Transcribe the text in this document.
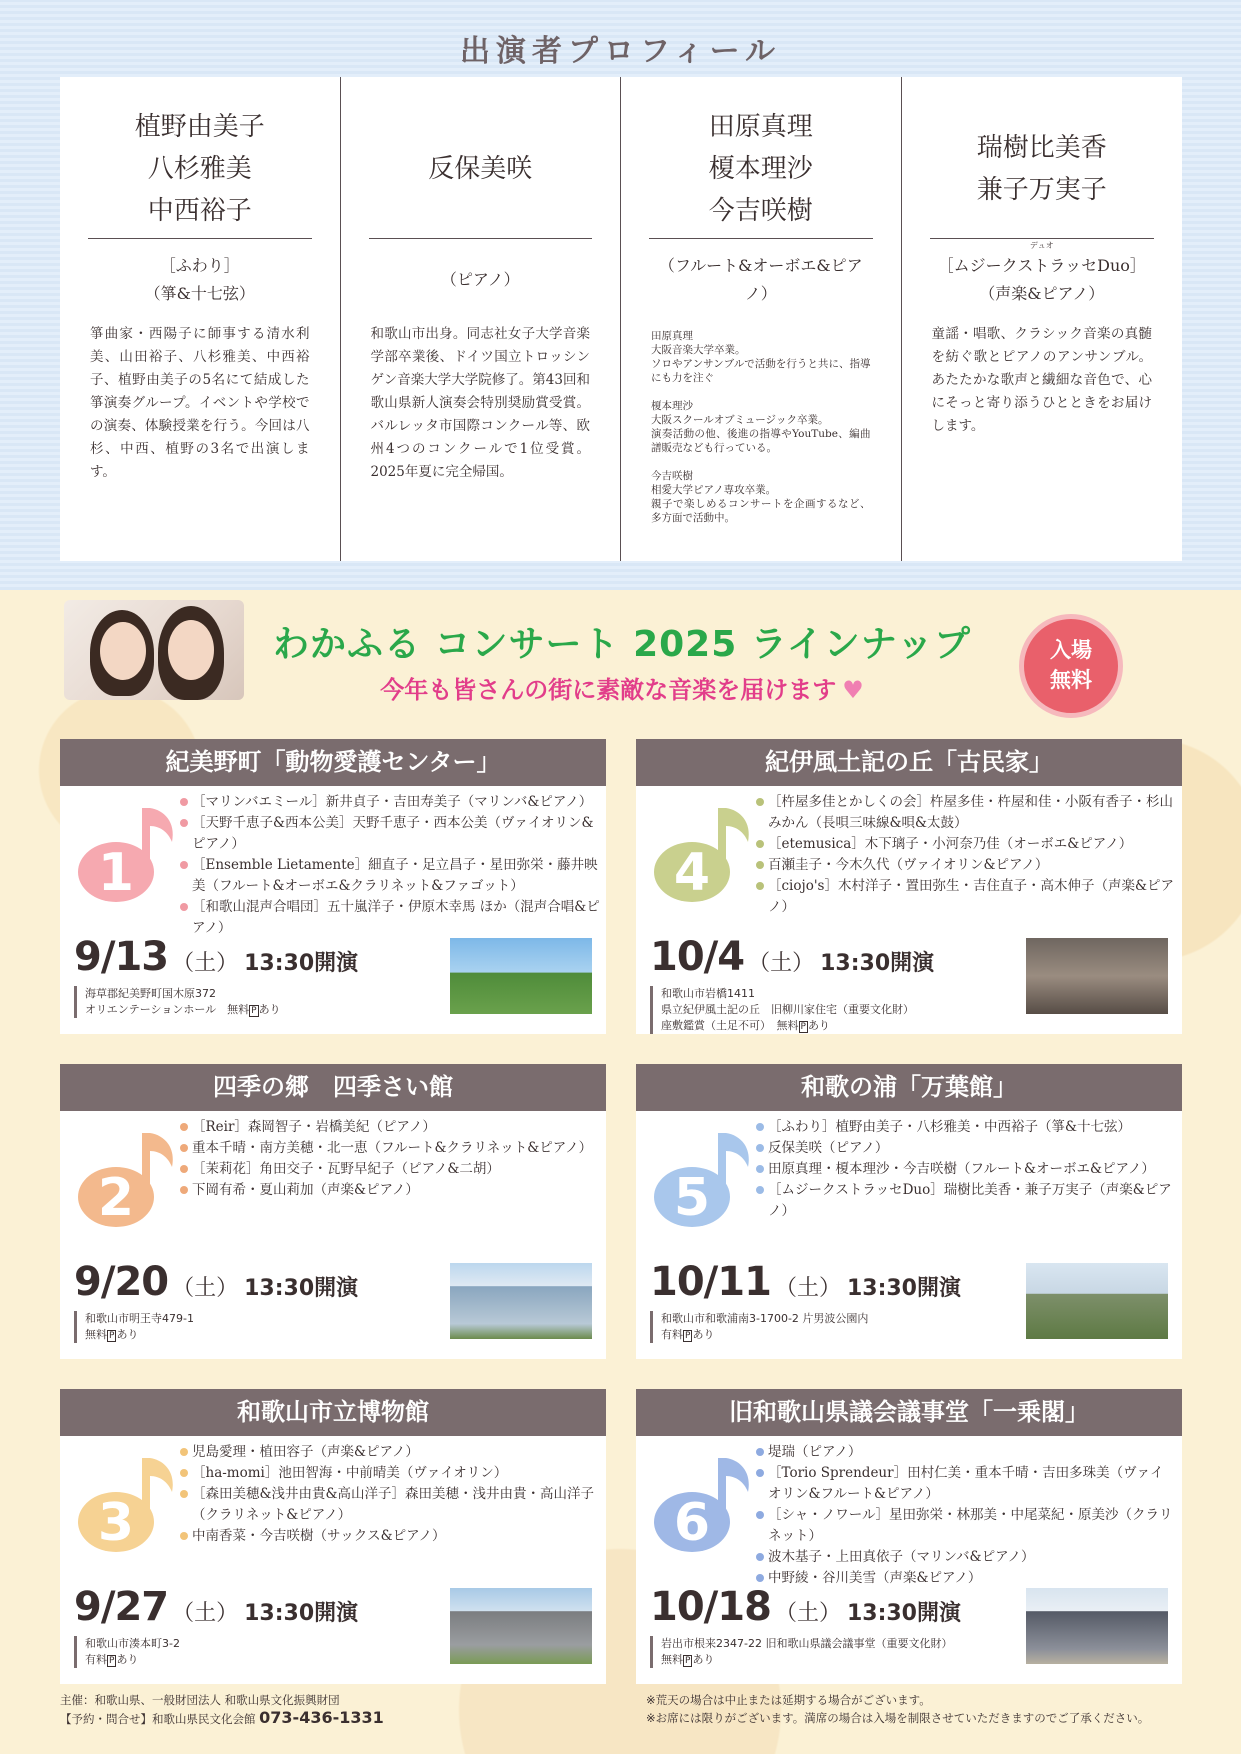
出演者プロフィール
植野由美子
八杉雅美
中西裕子
［ふわり］
（箏&十七弦）
箏曲家・西陽子に師事する清水利美、山田裕子、八杉雅美、中西裕子、植野由美子の5名にて結成した箏演奏グループ。イベントや学校での演奏、体験授業を行う。今回は八杉、中西、植野の3名で出演します。
反保美咲
（ピアノ）
和歌山市出身。同志社女子大学音楽学部卒業後、ドイツ国立トロッシンゲン音楽大学大学院修了。第43回和歌山県新人演奏会特別奨励賞受賞。バルレッタ市国際コンクール等、欧州4つのコンクールで1位受賞。2025年夏に完全帰国。
田原真理
榎本理沙
今吉咲樹
（フルート&オーボエ&ピアノ）
田原真理
大阪音楽大学卒業。
ソロやアンサンブルで活動を行うと共に、指導にも力を注ぐ

榎本理沙
大阪スクールオブミュージック卒業。
演奏活動の他、後進の指導やYouTube、編曲譜販売なども行っている。

今吉咲樹
相愛大学ピアノ専攻卒業。
親子で楽しめるコンサートを企画するなど、多方面で活動中。
瑞樹比美香
兼子万実子
デュオ
［ムジークストラッセDuo］
（声楽&ピアノ）
童謡・唱歌、クラシック音楽の真髄を紡ぐ歌とピアノのアンサンブル。あたたかな歌声と繊細な音色で、心にそっと寄り添うひとときをお届けします。
わかふる コンサート 2025 ラインナップ
今年も皆さんの街に素敵な音楽を届けます ♥
入場
無料
紀美野町「動物愛護センター」
1
［マリンバエミール］新井貞子・吉田寿美子（マリンバ&ピアノ）
［天野千恵子&西本公美］天野千恵子・西本公美（ヴァイオリン&ピアノ）
［Ensemble Lietamente］細直子・足立昌子・星田弥栄・藤井映美（フルート&オーボエ&クラリネット&ファゴット）
［和歌山混声合唱団］五十嵐洋子・伊原木幸馬 ほか（混声合唱&ピアノ）
9/13 （土） 13:30開演
海草郡紀美野町国木原372
オリエンテーションホール　無料 P あり
紀伊風土記の丘「古民家」
4
［杵屋多佳とかしくの会］杵屋多佳・杵屋和佳・小阪有香子・杉山みかん（長唄三味線&唄&太鼓）
［etemusica］木下璃子・小河奈乃佳（オーボエ&ピアノ）
百瀬圭子・今木久代（ヴァイオリン&ピアノ）
［ciojo's］木村洋子・置田弥生・吉住直子・高木伸子（声楽&ピアノ）
10/4 （土） 13:30開演
和歌山市岩橋1411
県立紀伊風土記の丘　旧柳川家住宅（重要文化財）
座敷鑑賞（土足不可）　無料 P あり
四季の郷　四季さい館
2
［Reir］森岡智子・岩橋美紀（ピアノ）
重本千晴・南方美穂・北一恵（フルート&クラリネット&ピアノ）
［茉莉花］角田交子・瓦野早紀子（ピアノ&二胡）
下岡有希・夏山莉加（声楽&ピアノ）
9/20 （土） 13:30開演
和歌山市明王寺479-1
無料 P あり
和歌の浦「万葉館」
5
［ふわり］植野由美子・八杉雅美・中西裕子（箏&十七弦）
反保美咲（ピアノ）
田原真理・榎本理沙・今吉咲樹（フルート&オーボエ&ピアノ）
［ムジークストラッセDuo］瑞樹比美香・兼子万実子（声楽&ピアノ）
10/11 （土） 13:30開演
和歌山市和歌浦南3-1700-2 片男波公園内
有料 P あり
和歌山市立博物館
3
児島愛理・植田容子（声楽&ピアノ）
［ha-momi］池田智海・中前晴美（ヴァイオリン）
［森田美穂&浅井由貴&高山洋子］森田美穂・浅井由貴・高山洋子（クラリネット&ピアノ）
中南香菜・今吉咲樹（サックス&ピアノ）
9/27 （土） 13:30開演
和歌山市湊本町3-2
有料 P あり
旧和歌山県議会議事堂「一乗閣」
6
堤瑞（ピアノ）
［Torio Sprendeur］田村仁美・重本千晴・吉田多珠美（ヴァイオリン&フルート&ピアノ）
［シャ・ノワール］星田弥栄・林那美・中尾菜紀・原美沙（クラリネット）
波木基子・上田真依子（マリンバ&ピアノ）
中野綾・谷川美雪（声楽&ピアノ）
10/18 （土） 13:30開演
岩出市根来2347-22 旧和歌山県議会議事堂（重要文化財）
無料 P あり
主催：和歌山県、一般財団法人 和歌山県文化振興財団
【予約・問合せ】和歌山県民文化会館 073-436-1331
※荒天の場合は中止または延期する場合がございます。
※お席には限りがございます。満席の場合は入場を制限させていただきますのでご了承ください。
